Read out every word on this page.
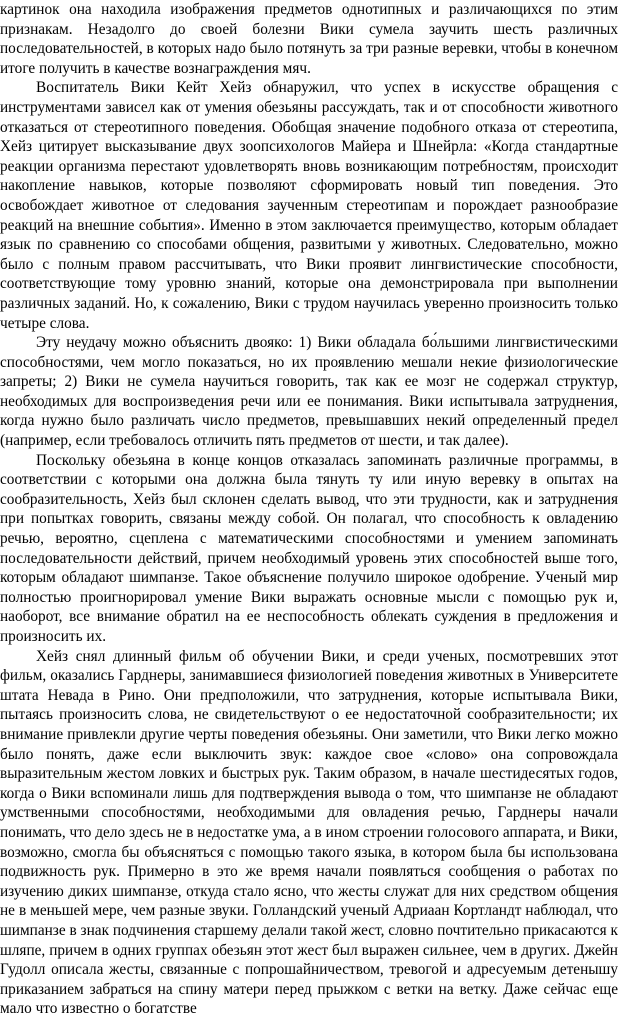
картинок она находила изображения предметов однотипных и различающихся по этим признакам. Незадолго до своей болезни Вики сумела заучить шесть различных последовательностей, в которых надо было потянуть за три разные веревки, чтобы в конечном итоге получить в качестве вознаграждения мяч.

Воспитатель Вики Кейт Хейз обнаружил, что успех в искусстве обращения с инструментами зависел как от умения обезьяны рассуждать, так и от способности животного отказаться от стереотипного поведения. Обобщая значение подобного отказа от стереотипа, Хейз цитирует высказывание двух зоопсихологов Майера и Шнейрла: «Когда стандартные реакции организма перестают удовлетворять вновь возникающим потребностям, происходит накопление навыков, которые позволяют сформировать новый тип поведения. Это освобождает животное от следования заученным стереотипам и порождает разнообразие реакций на внешние события». Именно в этом заключается преимущество, которым обладает язык по сравнению со способами общения, развитыми у животных. Следовательно, можно было с полным правом рассчитывать, что Вики проявит лингвистические способности, соответствующие тому уровню знаний, которые она демонстрировала при выполнении различных заданий. Но, к сожалению, Вики с трудом научилась уверенно произносить только четыре слова.

Эту неудачу можно объяснить двояко: 1) Вики обладала бо́льшими лингвистическими способностями, чем могло показаться, но их проявлению мешали некие физиологические запреты; 2) Вики не сумела научиться говорить, так как ее мозг не содержал структур, необходимых для воспроизведения речи или ее понимания. Вики испытывала затруднения, когда нужно было различать число предметов, превышавших некий определенный предел (например, если требовалось отличить пять предметов от шести, и так далее).

Поскольку обезьяна в конце концов отказалась запоминать различные программы, в соответствии с которыми она должна была тянуть ту или иную веревку в опытах на сообразительность, Хейз был склонен сделать вывод, что эти трудности, как и затруднения при попытках говорить, связаны между собой. Он полагал, что способность к овладению речью, вероятно, сцеплена с математическими способностями и умением запоминать последовательности действий, причем необходимый уровень этих способностей выше того, которым обладают шимпанзе. Такое объяснение получило широкое одобрение. Ученый мир полностью проигнорировал умение Вики выражать основные мысли с помощью рук и, наоборот, все внимание обратил на ее неспособность облекать суждения в предложения и произносить их.

Хейз снял длинный фильм об обучении Вики, и среди ученых, посмотревших этот фильм, оказались Гарднеры, занимавшиеся физиологией поведения животных в Университете штата Невада в Рино. Они предположили, что затруднения, которые испытывала Вики, пытаясь произносить слова, не свидетельствуют о ее недостаточной сообразительности; их внимание привлекли другие черты поведения обезьяны. Они заметили, что Вики легко можно было понять, даже если выключить звук: каждое свое «слово» она сопровождала выразительным жестом ловких и быстрых рук. Таким образом, в начале шестидесятых годов, когда о Вики вспоминали лишь для подтверждения вывода о том, что шимпанзе не обладают умственными способностями, необходимыми для овладения речью, Гарднеры начали понимать, что дело здесь не в недостатке ума, а в ином строении голосового аппарата, и Вики, возможно, смогла бы объясняться с помощью такого языка, в котором была бы использована подвижность рук. Примерно в это же время начали появляться сообщения о работах по изучению диких шимпанзе, откуда стало ясно, что жесты служат для них средством общения не в меньшей мере, чем разные звуки. Голландский ученый Адриаан Кортландт наблюдал, что шимпанзе в знак подчинения старшему делали такой жест, словно почтительно прикасаются к шляпе, причем в одних группах обезьян этот жест был выражен сильнее, чем в других. Джейн Гудолл описала жесты, связанные с попрошайничеством, тревогой и адресуемым детенышу приказанием забраться на спину матери перед прыжком с ветки на ветку. Даже сейчас еще мало что известно о богатстве
